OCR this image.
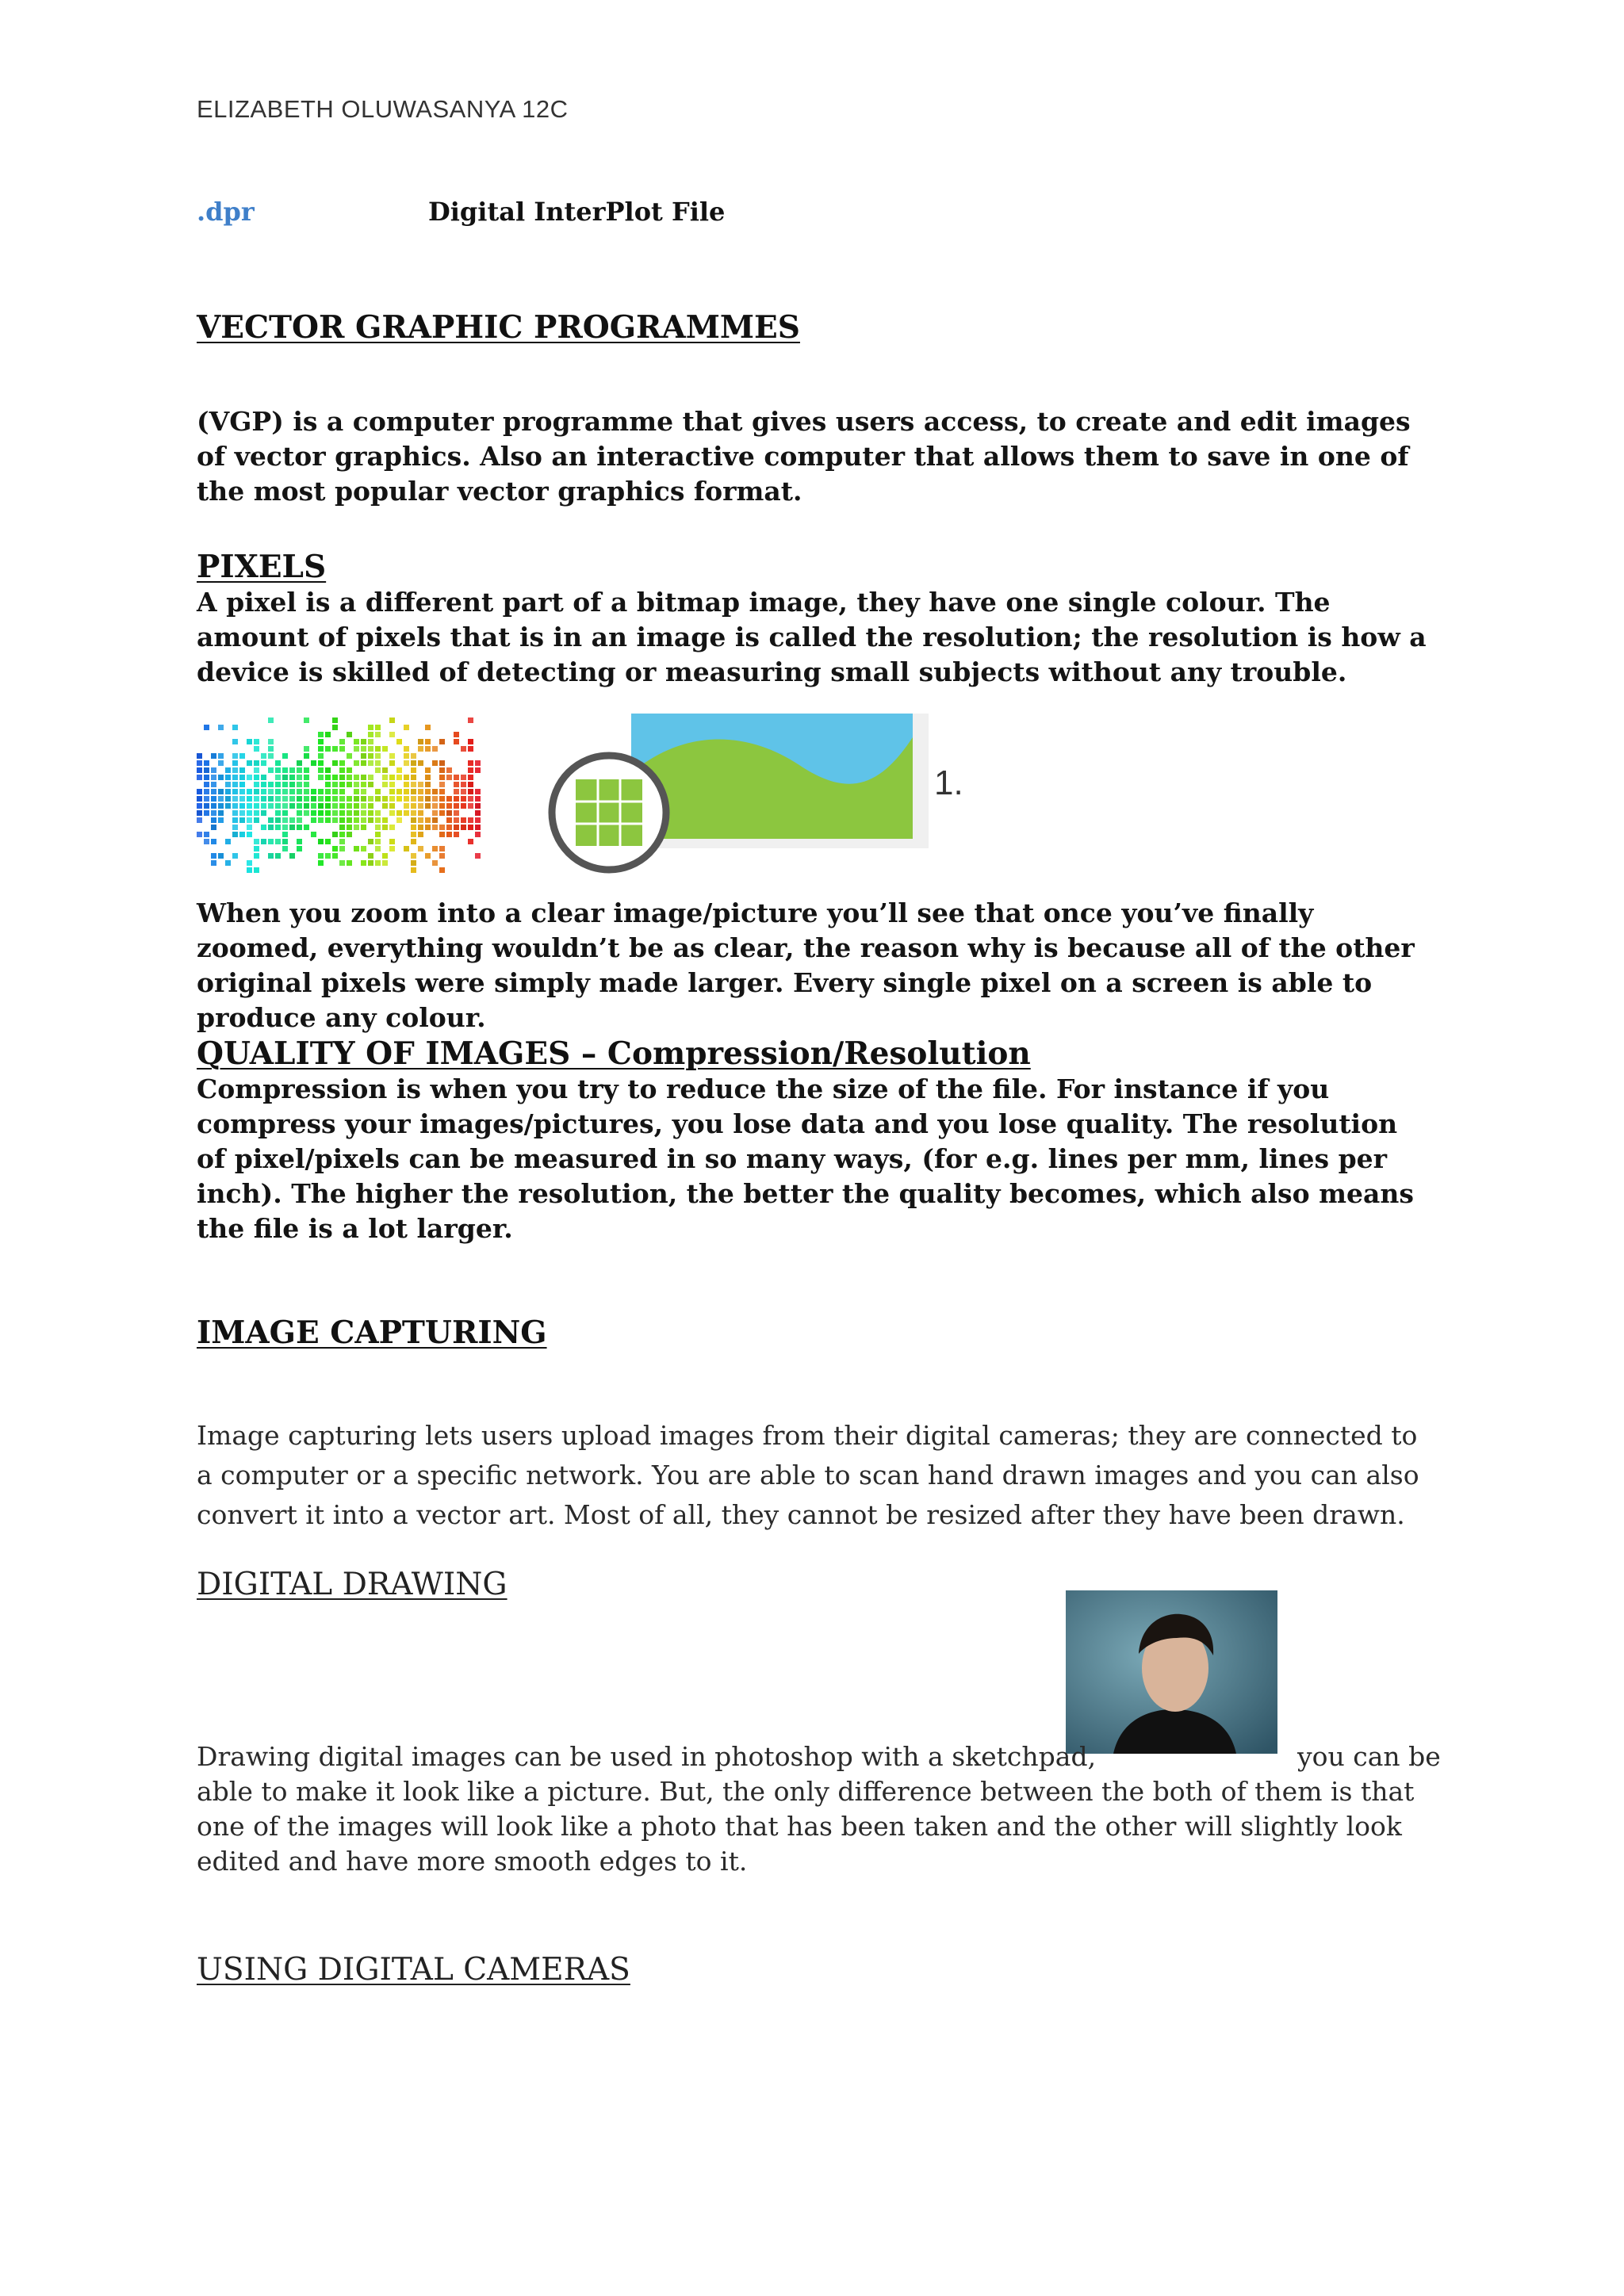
ELIZABETH OLUWASANYA 12C
.dpr	Digital InterPlot File
VECTOR GRAPHIC PROGRAMMES
(VGP) is a computer programme that gives users access, to create and edit images of vector graphics. Also an interactive computer that allows them to save in one of the most popular vector graphics format.
PIXELS
A pixel is a different part of a bitmap image, they have one single colour. The amount of pixels that is in an image is called the resolution; the resolution is how a device is skilled of detecting or measuring small subjects without any trouble.
1.
When you zoom into a clear image/picture you’ll see that once you’ve finally zoomed, everything wouldn’t be as clear, the reason why is because all of the other original pixels were simply made larger. Every single pixel on a screen is able to produce any colour.
QUALITY OF IMAGES – Compression/Resolution
Compression is when you try to reduce the size of the file. For instance if you compress your images/pictures, you lose data and you lose quality. The resolution of pixel/pixels can be measured in so many ways, (for e.g. lines per mm, lines per inch). The higher the resolution, the better the quality becomes, which also means the file is a lot larger.
IMAGE CAPTURING
Image capturing lets users upload images from their digital cameras; they are connected to a computer or a specific network. You are able to scan hand drawn images and you can also convert it into a vector art. Most of all, they cannot be resized after they have been drawn.
DIGITAL DRAWING
Drawing digital images can be used in photoshop with a sketchpad,	you can be
able to make it look like a picture. But, the only difference between the both of them is that one of the images will look like a photo that has been taken and the other will slightly look edited and have more smooth edges to it.
USING DIGITAL CAMERAS
